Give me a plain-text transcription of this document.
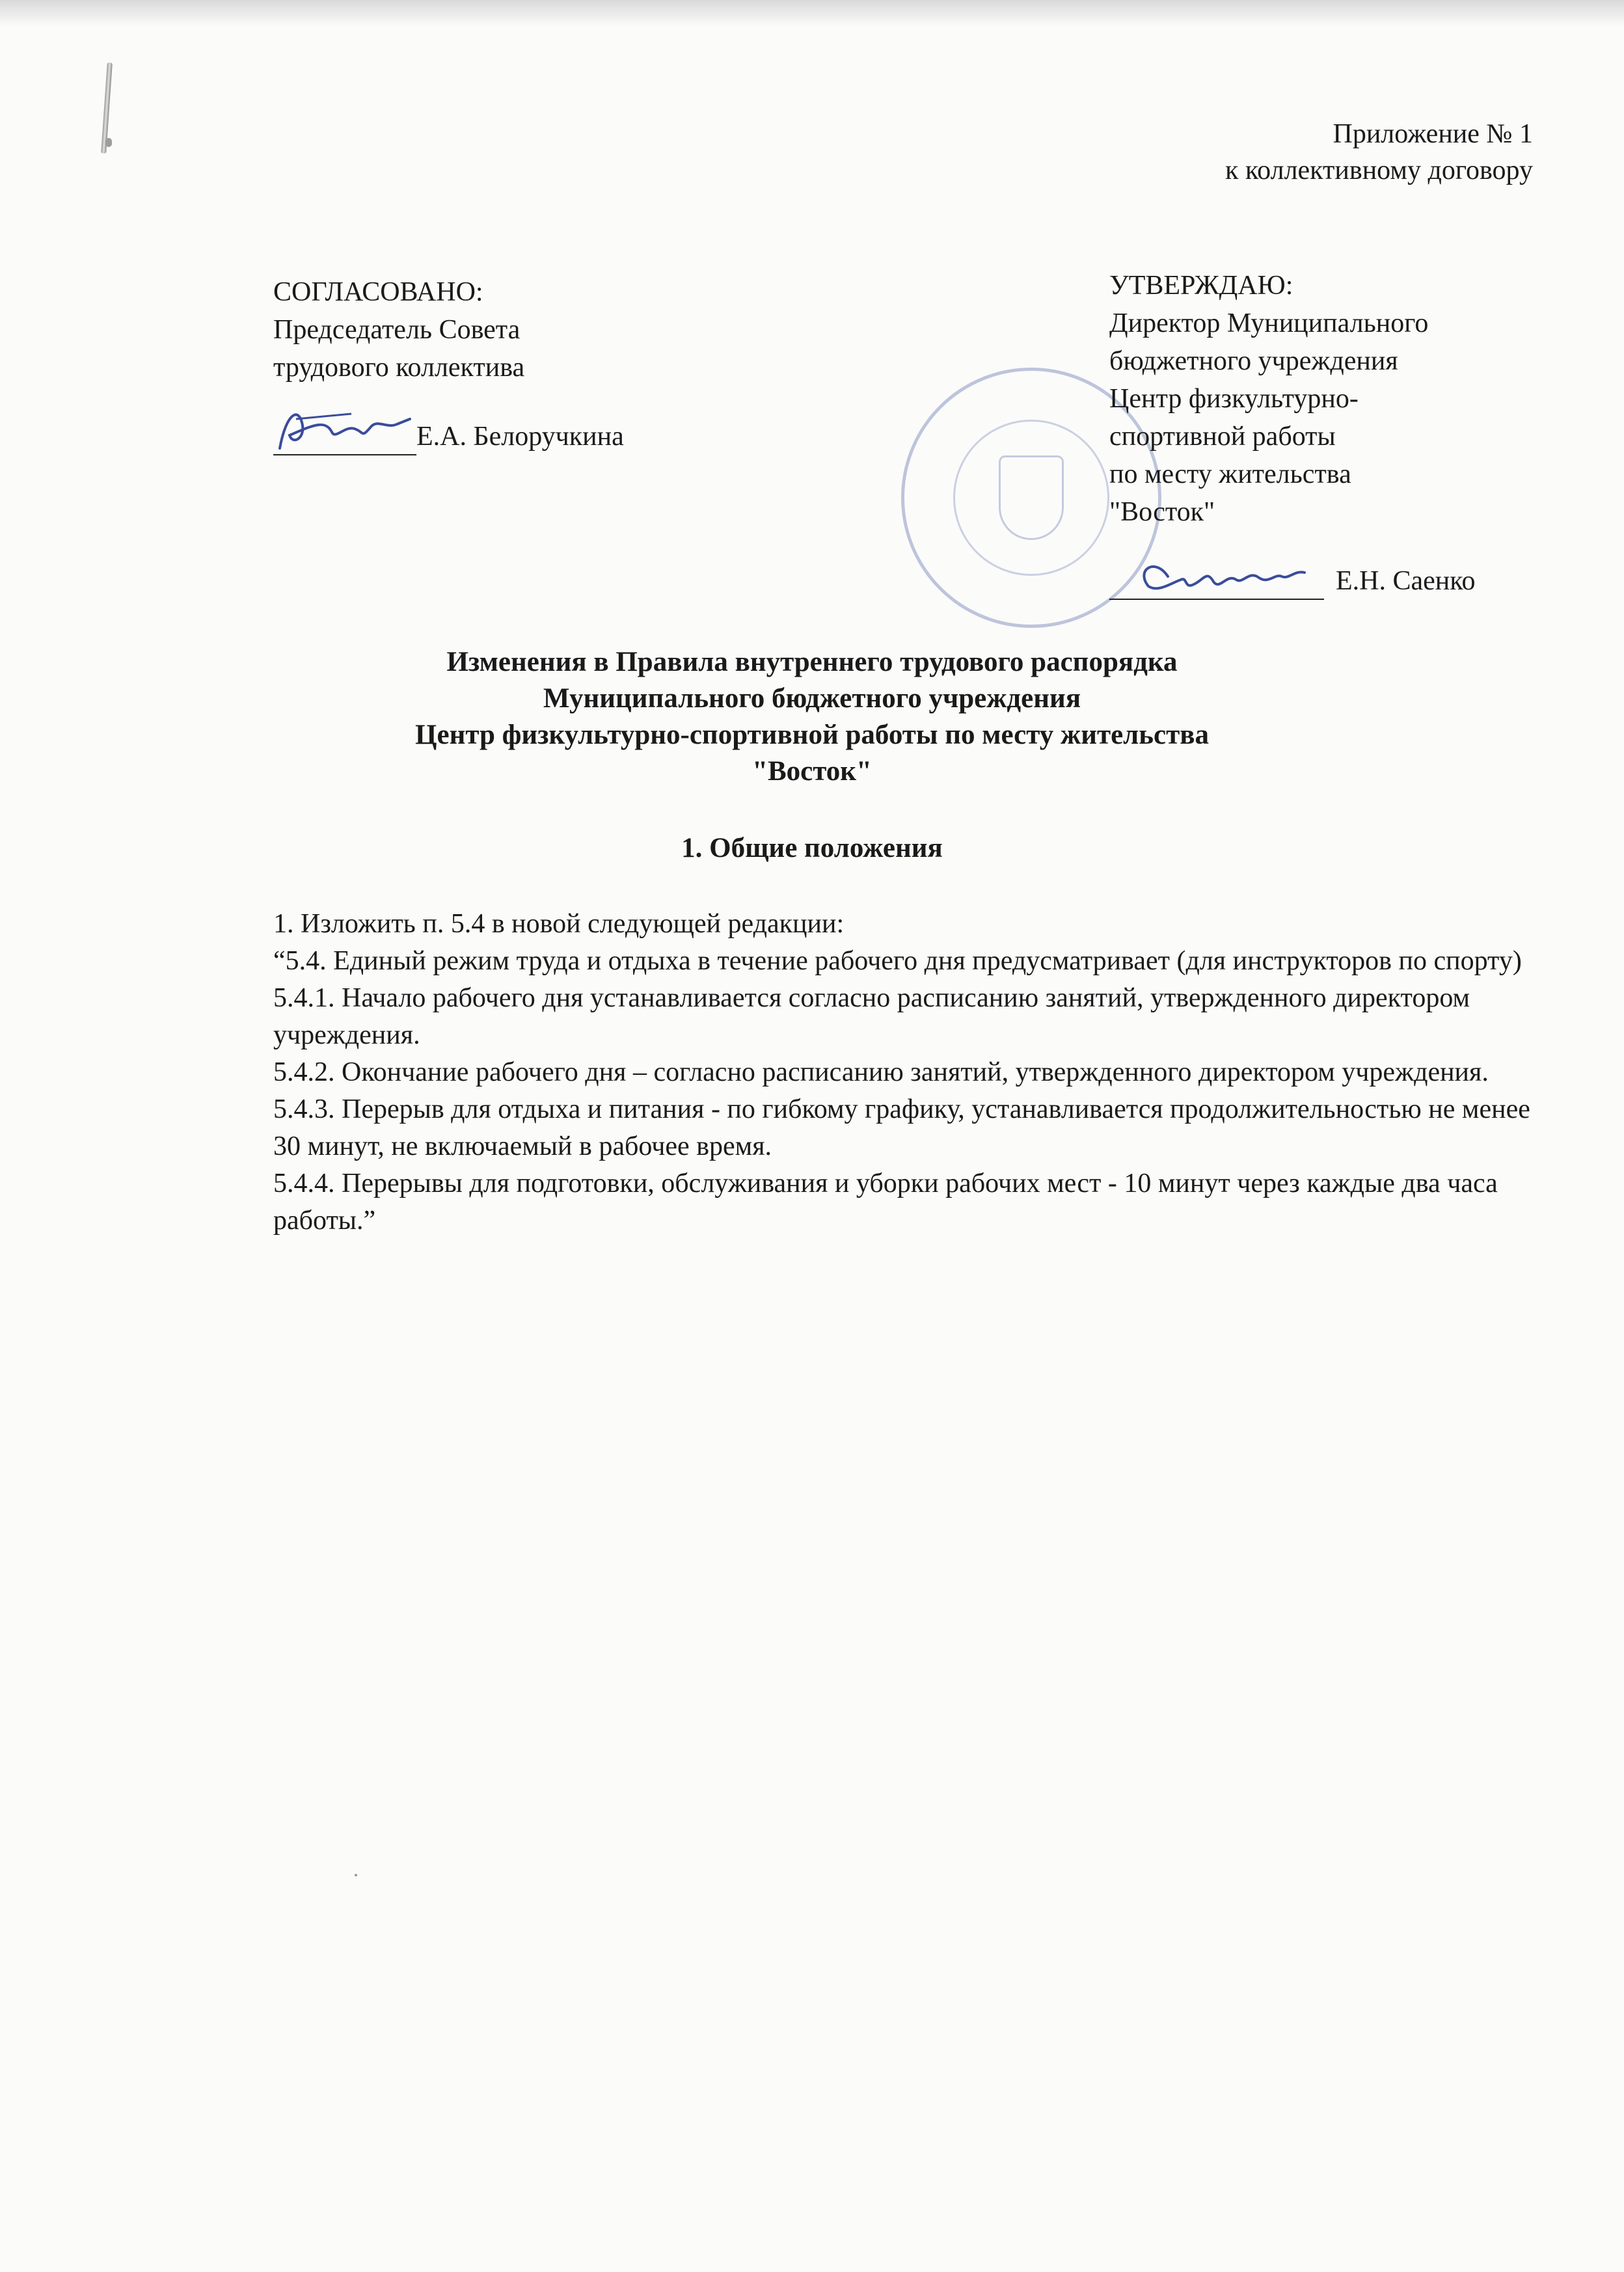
Приложение № 1
к коллективному договору
СОГЛАСОВАНО:
Председатель Совета
трудового коллектива
Е.А. Белоручкина
УТВЕРЖДАЮ:
Директор Муниципального
бюджетного учреждения
Центр физкультурно-
спортивной работы
по месту жительства
"Восток"
Е.Н. Саенко
Изменения в Правила внутреннего трудового распорядка
Муниципального бюджетного учреждения
Центр физкультурно-спортивной работы по месту жительства
"Восток"
1. Общие положения

1. Изложить п. 5.4 в новой следующей редакции:

“5.4. Единый режим труда и отдыха в течение рабочего дня предусматривает (для инструкторов по спорту)

5.4.1. Начало рабочего дня устанавливается согласно расписанию занятий, утвержденного директором учреждения.

5.4.2. Окончание рабочего дня – согласно расписанию занятий, утвержденного директором учреждения.

5.4.3. Перерыв для отдыха и питания - по гибкому графику, устанавливается продолжительностью не менее 30 минут, не включаемый в рабочее время.

5.4.4. Перерывы для подготовки, обслуживания и уборки рабочих мест - 10 минут через каждые два часа работы.”
